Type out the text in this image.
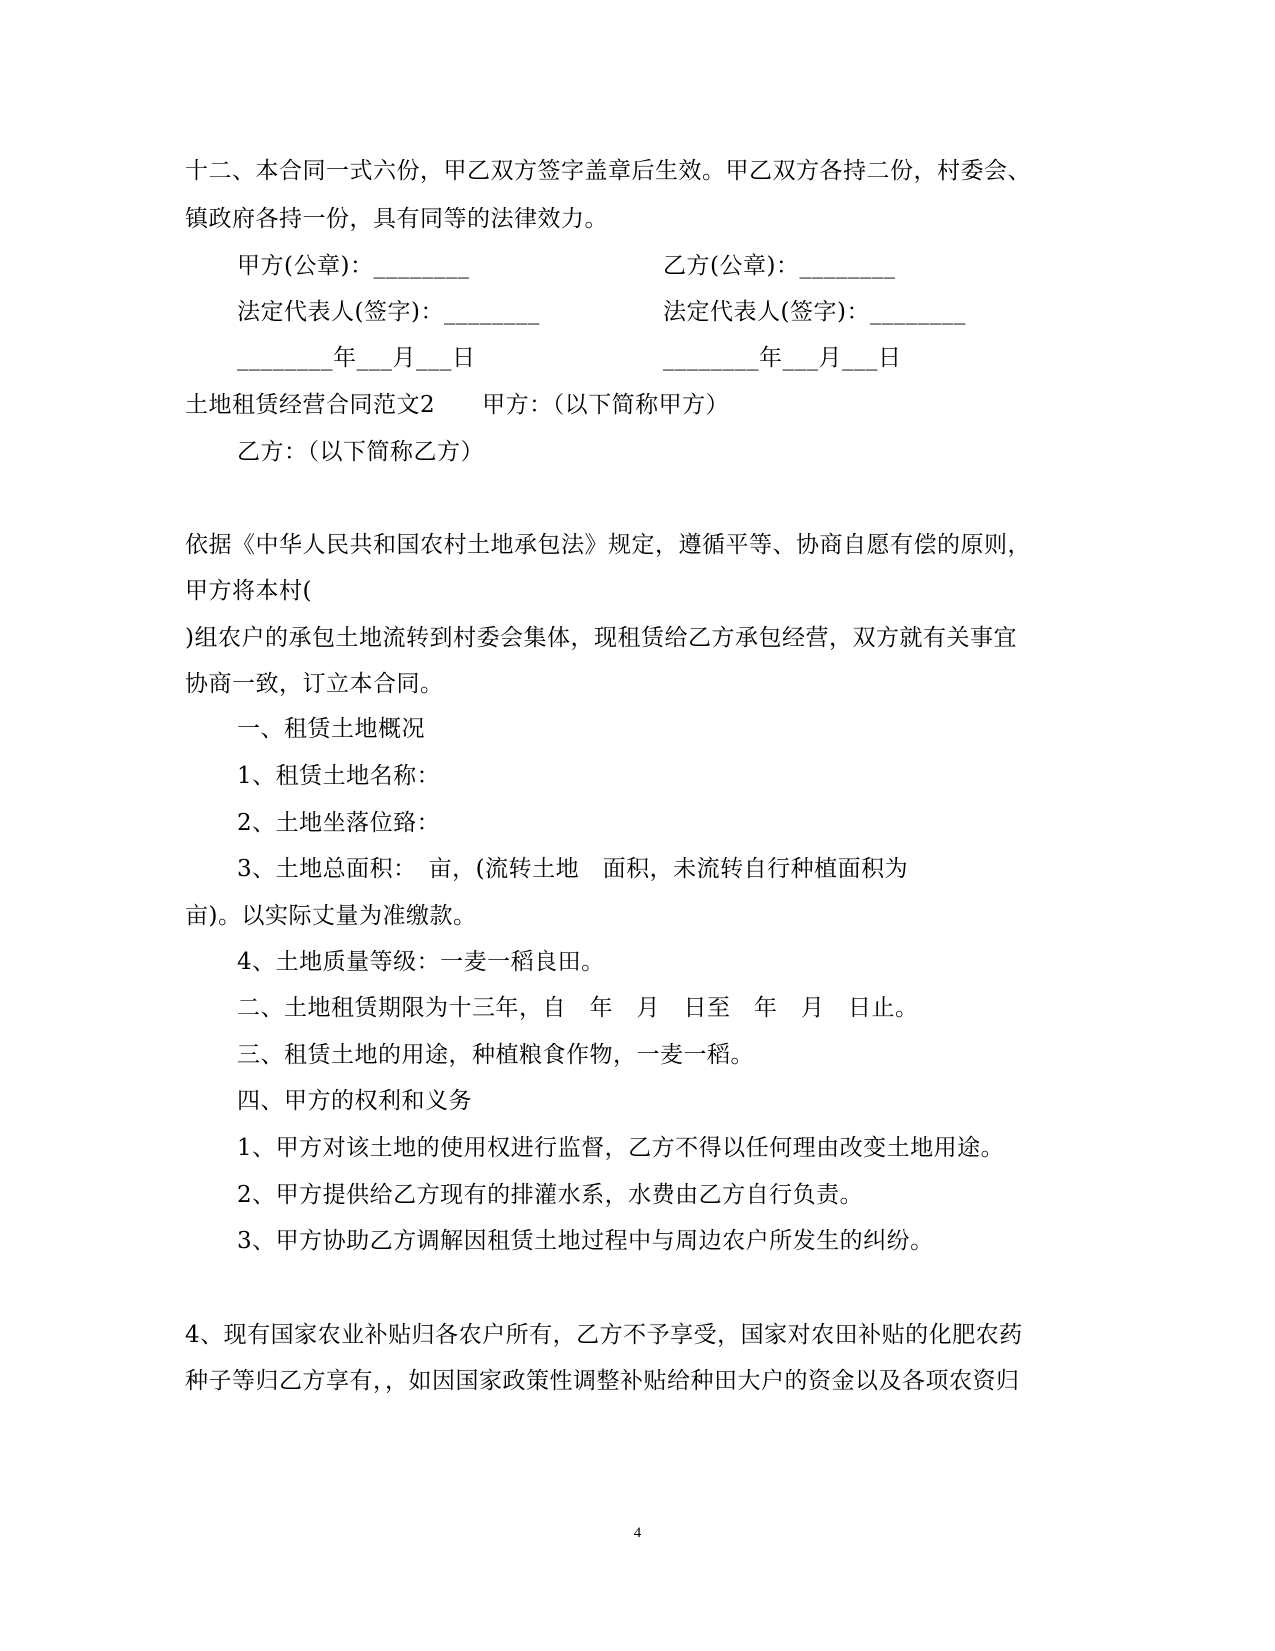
十二、本合同一式六份，甲乙双方签字盖章后生效。甲乙双方各持二份，村委会、
镇政府各持一份，具有同等的法律效力。
甲方(公章)：________	乙方(公章)：________
法定代表人(签字)：________	法定代表人(签字)：________
________年___月___日	________年___月___日
土地租赁经营合同范文2　　甲方：（以下简称甲方）
乙方：（以下简称乙方）
依据《中华人民共和国农村土地承包法》规定，遵循平等、协商自愿有偿的原则，
甲方将本村(
)组农户的承包土地流转到村委会集体，现租赁给乙方承包经营，双方就有关事宜
协商一致，订立本合同。
一、租赁土地概况
1、租赁土地名称：
2、土地坐落位臵：
3、土地总面积：　亩，(流转土地　面积，未流转自行种植面积为
亩)。以实际丈量为准缴款。
4、土地质量等级：一麦一稻良田。
二、土地租赁期限为十三年，自　年　月　日至　年　月　日止。
三、租赁土地的用途，种植粮食作物，一麦一稻。
四、甲方的权利和义务
1、甲方对该土地的使用权进行监督，乙方不得以任何理由改变土地用途。
2、甲方提供给乙方现有的排灌水系，水费由乙方自行负责。
3、甲方协助乙方调解因租赁土地过程中与周边农户所发生的纠纷。
4、现有国家农业补贴归各农户所有，乙方不予享受，国家对农田补贴的化肥农药
种子等归乙方享有，，如因国家政策性调整补贴给种田大户的资金以及各项农资归
4
